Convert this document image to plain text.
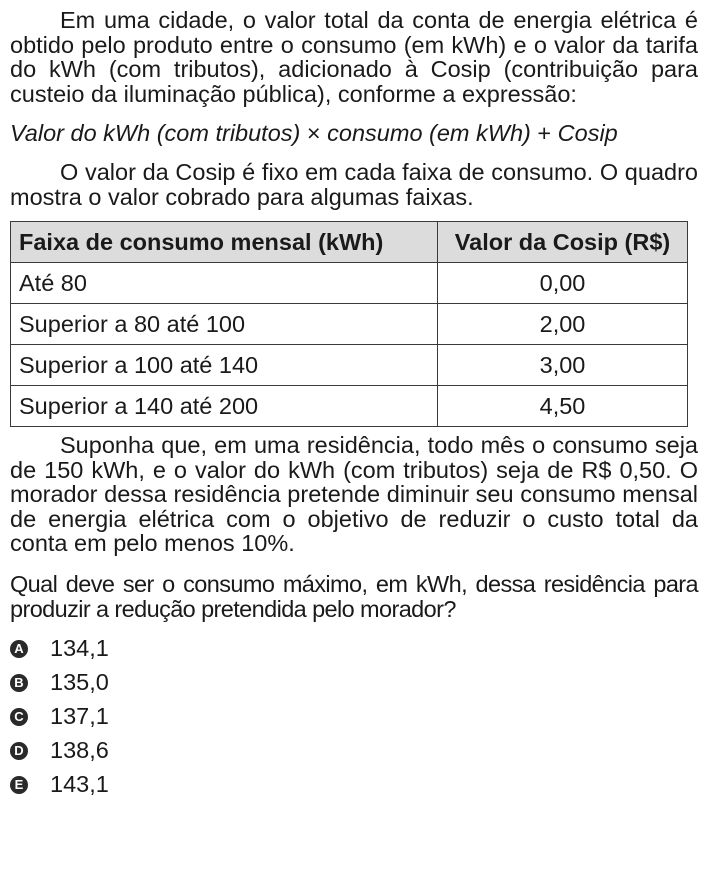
Em uma cidade, o valor total da conta de energia elétrica é obtido pelo produto entre o consumo (em kWh) e o valor da tarifa do kWh (com tributos), adicionado à Cosip (contribuição para custeio da iluminação pública), conforme a expressão:

Valor do kWh (com tributos) × consumo (em kWh) + Cosip

O valor da Cosip é fixo em cada faixa de consumo. O quadro mostra o valor cobrado para algumas faixas.

Faixa de consumo mensal (kWh)	Valor da Cosip (R$)
Até 80	0,00
Superior a 80 até 100	2,00
Superior a 100 até 140	3,00
Superior a 140 até 200	4,50

Suponha que, em uma residência, todo mês o consumo seja de 150 kWh, e o valor do kWh (com tributos) seja de R$ 0,50. O morador dessa residência pretende diminuir seu consumo mensal de energia elétrica com o objetivo de reduzir o custo total da conta em pelo menos 10%.

Qual deve ser o consumo máximo, em kWh, dessa residência para produzir a redução pretendida pelo morador?

A 134,1
B 135,0
C 137,1
D 138,6
E 143,1
